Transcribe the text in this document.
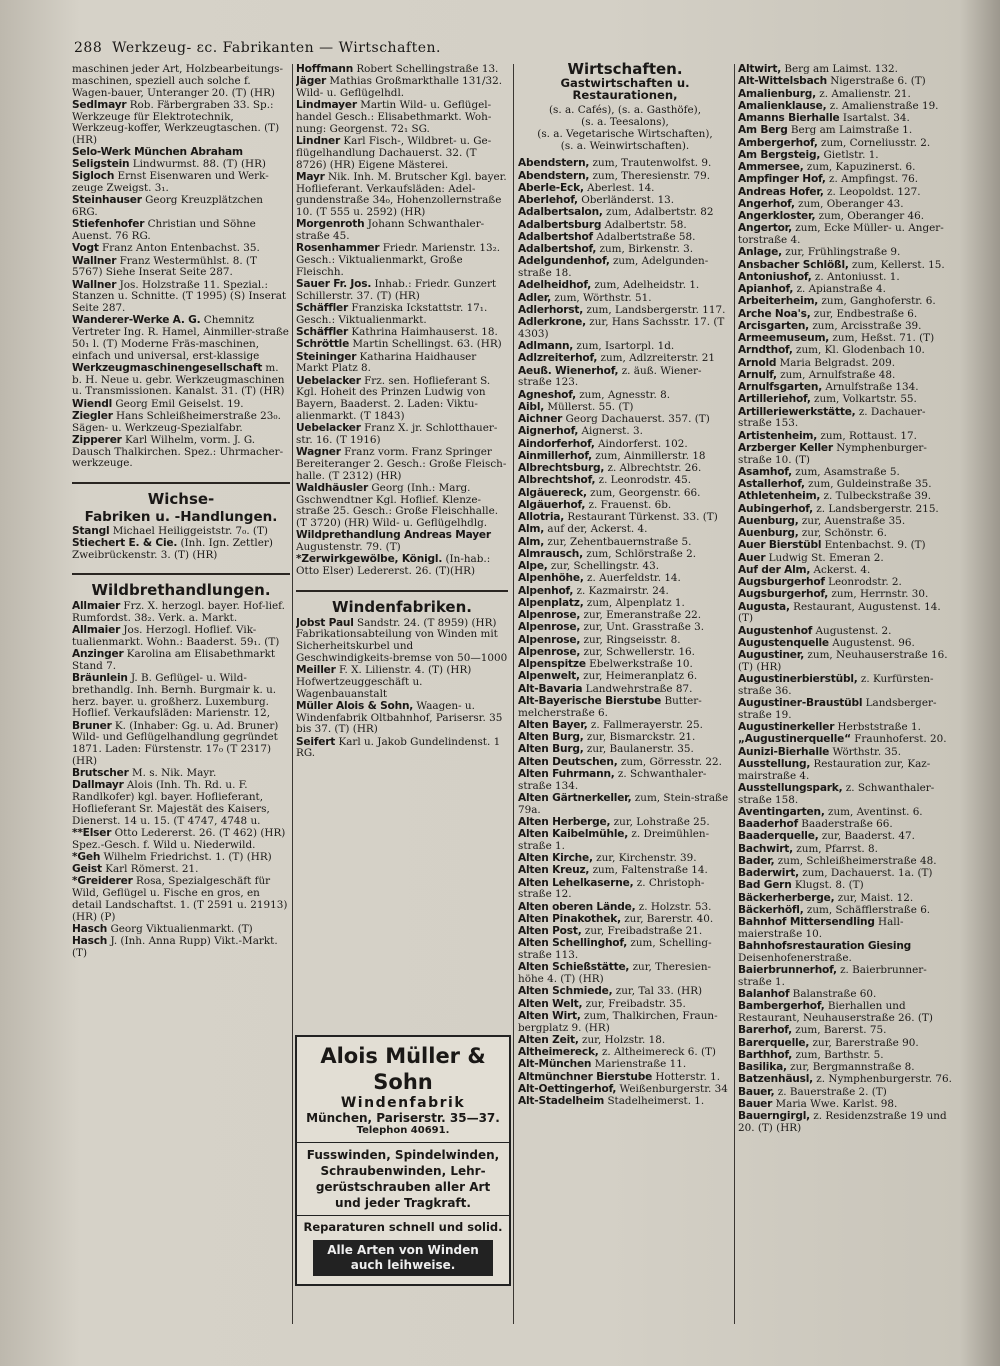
288 Werkzeug- ɛc. Fabrikanten — Wirtschaften.
maschinen jeder Art, Holzbearbeitungs-maschinen, speziell auch solche f. Wagen-bauer, Unteranger 20. (T) (HR)
Sedlmayr Rob. Färbergraben 33. Sp.: Werkzeuge für Elektrotechnik, Werkzeug-koffer, Werkzeugtaschen. (T) (HR)
Selo-Werk München Abraham Seligstein Lindwurmst. 88. (T) (HR)
Sigloch Ernst Eisenwaren und Werk-zeuge Zweigst. 3₁.
Steinhauser Georg Kreuzplätzchen 6RG.
Stiefenhofer Christian und Söhne Auenst. 76 RG.
Vogt Franz Anton Entenbachst. 35.
Wallner Franz Westermühlst. 8. (T 5767) Siehe Inserat Seite 287.
Wallner Jos. Holzstraße 11. Spezial.: Stanzen u. Schnitte. (T 1995) (S) Inserat Seite 287.
Wanderer-Werke A. G. Chemnitz Vertreter Ing. R. Hamel, Ainmiller-straße 50₁ l. (T) Moderne Fräs-maschinen, einfach und universal, erst-klassige
Werkzeugmaschinengesellschaft m. b. H. Neue u. gebr. Werkzeugmaschinen u. Transmissionen. Kanalst. 31. (T) (HR)
Wiendl Georg Emil Geiselst. 19.
Ziegler Hans Schleißheimerstraße 23₀. Sägen- u. Werkzeug-Spezialfabr.
Zipperer Karl Wilhelm, vorm. J. G. Dausch Thalkirchen. Spez.: Uhrmacher-werkzeuge.
Wichse-
Fabriken u. -Handlungen.
Stangl Michael Heiliggeiststr. 7₀. (T)
Stiechert E. & Cie. (Inh. Ign. Zettler) Zweibrückenstr. 3. (T) (HR)
Wildbrethandlungen.
Allmaier Frz. X. herzogl. bayer. Hof-lief. Rumfordst. 38₂. Verk. a. Markt.
Allmaier Jos. Herzogl. Hoflief. Vik-tualienmarkt. Wohn.: Baaderst. 59₁. (T)
Anzinger Karolina am Elisabethmarkt Stand 7.
Bräunlein J. B. Geflügel- u. Wild-brethandlg. Inh. Bernh. Burgmair k. u. herz. bayer. u. großherz. Luxemburg. Hoflief. Verkaufsläden: Marienstr. 12,
Bruner K. (Inhaber: Gg. u. Ad. Bruner) Wild- und Geflügelhandlung gegründet 1871. Laden: Fürstenstr. 17₀ (T 2317) (HR)
Brutscher M. s. Nik. Mayr.
Dallmayr Alois (Inh. Th. Rd. u. F. Randlkofer) kgl. bayer. Hoflieferant, Hoflieferant Sr. Majestät des Kaisers, Dienerst. 14 u. 15. (T 4747, 4748 u.
**Elser Otto Ledererst. 26. (T 462) (HR) Spez.-Gesch. f. Wild u. Niederwild.
*Geh Wilhelm Friedrichst. 1. (T) (HR)
Geist Karl Römerst. 21.
*Greiderer Rosa, Spezialgeschäft für Wild, Geflügel u. Fische en gros, en detail Landschaftst. 1. (T 2591 u. 21913) (HR) (P)
Hasch Georg Viktualienmarkt. (T)
Hasch J. (Inh. Anna Rupp) Vikt.-Markt. (T)
Hoffmann Robert Schellingstraße 13.
Jäger Mathias Großmarkthalle 131/32. Wild- u. Geflügelhdl.
Lindmayer Martin Wild- u. Geflügel-handel Gesch.: Elisabethmarkt. Woh-nung: Georgenst. 72₁ SG.
Lindner Karl Fisch-, Wildbret- u. Ge-flügelhandlung Dachauerst. 32. (T 8726) (HR) Eigene Mästerei.
Mayr Nik. Inh. M. Brutscher Kgl. bayer. Hoflieferant. Verkaufsläden: Adel-gundenstraße 34₀, Hohenzollernstraße 10. (T 555 u. 2592) (HR)
Morgenroth Johann Schwanthaler-straße 45.
Rosenhammer Friedr. Marienstr. 13₂. Gesch.: Viktualienmarkt, Große Fleischh.
Sauer Fr. Jos. Inhab.: Friedr. Gunzert Schillerstr. 37. (T) (HR)
Schäffler Franziska Ickstattstr. 17₁. Gesch.: Viktualienmarkt.
Schäffler Kathrina Haimhauserst. 18.
Schröttle Martin Schellingst. 63. (HR)
Steininger Katharina Haidhauser Markt Platz 8.
Uebelacker Frz. sen. Hoflieferant S. Kgl. Hoheit des Prinzen Ludwig von Bayern, Baaderst. 2. Laden: Viktu-alienmarkt. (T 1843)
Uebelacker Franz X. jr. Schlotthauer-str. 16. (T 1916)
Wagner Franz vorm. Franz Springer Bereiteranger 2. Gesch.: Große Fleisch-halle. (T 2312) (HR)
Waldhäusler Georg (Inh.: Marg. Gschwendtner Kgl. Hoflief. Klenze-straße 25. Gesch.: Große Fleischhalle. (T 3720) (HR) Wild- u. Geflügelhdlg.
Wildprethandlung Andreas Mayer Augustenstr. 79. (T)
*Zerwirkgewölbe, Königl. (In-hab.: Otto Elser) Ledererst. 26. (T)(HR)
Windenfabriken.
Jobst Paul Sandstr. 24. (T 8959) (HR) Fabrikationsabteilung von Winden mit Sicherheitskurbel und Geschwindigkeits-bremse von 50—1000
Meiller F. X. Lilienstr. 4. (T) (HR) Hofwertzeuggeschäft u. Wagenbauanstalt
Müller Alois & Sohn, Waagen- u. Windenfabrik Oltbahnhof, Parisersr. 35 bis 37. (T) (HR)
Seifert Karl u. Jakob Gundelindenst. 1 RG.
Alois Müller & Sohn
Windenfabrik
München, Pariserstr. 35—37.
Telephon 40691.
Fusswinden, Spindelwinden,
Schraubenwinden, Lehr-
gerüstschrauben aller Art
und jeder Tragkraft.
Reparaturen schnell und solid.
Alle Arten von Winden
auch leihweise.
Wirtschaften.
Gastwirtschaften u. Restaurationen,
(s. a. Cafés), (s. a. Gasthöfe),
(s. a. Teesalons),
(s. a. Vegetarische Wirtschaften),
(s. a. Weinwirtschaften).
Abendstern, zum, Trautenwolfst. 9.
Abendstern, zum, Theresienstr. 79.
Aberle-Eck, Aberlest. 14.
Aberlehof, Oberländerst. 13.
Adalbertsalon, zum, Adalbertstr. 82
Adalbertsburg Adalbertstr. 58.
Adalbertshof Adalbertstraße 58.
Adalbertshof, zum, Birkenstr. 3.
Adelgundenhof, zum, Adelgunden-straße 18.
Adelheidhof, zum, Adelheidstr. 1.
Adler, zum, Wörthstr. 51.
Adlerhorst, zum, Landsbergerstr. 117.
Adlerkrone, zur, Hans Sachsstr. 17. (T 4303)
Adlmann, zum, Isartorpl. 1d.
Adlzreiterhof, zum, Adlzreiterstr. 21
Aeuß. Wienerhof, z. äuß. Wiener-straße 123.
Agneshof, zum, Agnesstr. 8.
Aibl, Müllerst. 55. (T)
Aichner Georg Dachauerst. 357. (T)
Aignerhof, Aignerst. 3.
Aindorferhof, Aindorferst. 102.
Ainmillerhof, zum, Ainmillerstr. 18
Albrechtsburg, z. Albrechtstr. 26.
Albrechtshof, z. Leonrodstr. 45.
Algäuereck, zum, Georgenstr. 66.
Algäuerhof, z. Frauenst. 6b.
Allotria, Restaurant Türkenst. 33. (T)
Alm, auf der, Ackerst. 4.
Alm, zur, Zehentbauernstraße 5.
Almrausch, zum, Schlörstraße 2.
Alpe, zur, Schellingstr. 43.
Alpenhöhe, z. Auerfeldstr. 14.
Alpenhof, z. Kazmairstr. 24.
Alpenplatz, zum, Alpenplatz 1.
Alpenrose, zur, Emeranstraße 22.
Alpenrose, zur, Unt. Grasstraße 3.
Alpenrose, zur, Ringseisstr. 8.
Alpenrose, zur, Schwellerstr. 16.
Alpenspitze Ebelwerkstraße 10.
Alpenwelt, zur, Heimeranplatz 6.
Alt-Bavaria Landwehrstraße 87.
Alt-Bayerische Bierstube Butter-melcherstraße 6.
Alten Bayer, z. Fallmerayerstr. 25.
Alten Burg, zur, Bismarckstr. 21.
Alten Burg, zur, Baulanerstr. 35.
Alten Deutschen, zum, Görresstr. 22.
Alten Fuhrmann, z. Schwanthaler-straße 134.
Alten Gärtnerkeller, zum, Stein-straße 79a.
Alten Herberge, zur, Lohstraße 25.
Alten Kaibelmühle, z. Dreimühlen-straße 1.
Alten Kirche, zur, Kirchenstr. 39.
Alten Kreuz, zum, Faltenstraße 14.
Alten Lehelkaserne, z. Christoph-straße 12.
Alten oberen Lände, z. Holzstr. 53.
Alten Pinakothek, zur, Barerstr. 40.
Alten Post, zur, Freibadstraße 21.
Alten Schellinghof, zum, Schelling-straße 113.
Alten Schießstätte, zur, Theresien-höhe 4. (T) (HR)
Alten Schmiede, zur, Tal 33. (HR)
Alten Welt, zur, Freibadstr. 35.
Alten Wirt, zum, Thalkirchen, Fraun-bergplatz 9. (HR)
Alten Zeit, zur, Holzstr. 18.
Altheimereck, z. Altheimereck 6. (T)
Alt-München Marienstraße 11.
Altmünchner Bierstube Hotterstr. 1.
Alt-Oettingerhof, Weißenburgerstr. 34
Alt-Stadelheim Stadelheimerst. 1.
Altwirt, Berg am Laimst. 132.
Alt-Wittelsbach Nigerstraße 6. (T)
Amalienburg, z. Amalienstr. 21.
Amalienklause, z. Amalienstraße 19.
Amanns Bierhalle Isartalst. 34.
Am Berg Berg am Laimstraße 1.
Ambergerhof, zum, Corneliusstr. 2.
Am Bergsteig, Gietlstr. 1.
Ammersee, zum, Kapuzinerst. 6.
Ampfinger Hof, z. Ampfingst. 76.
Andreas Hofer, z. Leopoldst. 127.
Angerhof, zum, Oberanger 43.
Angerkloster, zum, Oberanger 46.
Angertor, zum, Ecke Müller- u. Anger-torstraße 4.
Anlage, zur, Frühlingstraße 9.
Ansbacher Schlößl, zum, Kellerst. 15.
Antoniushof, z. Antoniusst. 1.
Apianhof, z. Apianstraße 4.
Arbeiterheim, zum, Ganghoferstr. 6.
Arche Noa's, zur, Endbestraße 6.
Arcisgarten, zum, Arcisstraße 39.
Armeemuseum, zum, Heßst. 71. (T)
Arndthof, zum, Kl. Glodenbach 10.
Arnold Maria Belgradst. 209.
Arnulf, zum, Arnulfstraße 48.
Arnulfsgarten, Arnulfstraße 134.
Artilleriehof, zum, Volkartstr. 55.
Artilleriewerkstätte, z. Dachauer-straße 153.
Artistenheim, zum, Rottaust. 17.
Arzberger Keller Nymphenburger-straße 10. (T)
Asamhof, zum, Asamstraße 5.
Astallerhof, zum, Guldeinstraße 35.
Athletenheim, z. Tulbeckstraße 39.
Aubingerhof, z. Landsbergerstr. 215.
Auenburg, zur, Auenstraße 35.
Auenburg, zur, Schönstr. 6.
Auer Bierstübl Entenbachst. 9. (T)
Auer Ludwig St. Emeran 2.
Auf der Alm, Ackerst. 4.
Augsburgerhof Leonrodstr. 2.
Augsburgerhof, zum, Herrnstr. 30.
Augusta, Restaurant, Augustenst. 14. (T)
Augustenhof Augustenst. 2.
Augustenquelle Augustenst. 96.
Augustiner, zum, Neuhauserstraße 16. (T) (HR)
Augustinerbierstübl, z. Kurfürsten-straße 36.
Augustiner-Braustübl Landsberger-straße 19.
Augustinerkeller Herbststraße 1.
„Augustinerquelle“ Fraunhoferst. 20.
Aunizi-Bierhalle Wörthstr. 35.
Ausstellung, Restauration zur, Kaz-mairstraße 4.
Ausstellungspark, z. Schwanthaler-straße 158.
Aventingarten, zum, Aventinst. 6.
Baaderhof Baaderstraße 66.
Baaderquelle, zur, Baaderst. 47.
Bachwirt, zum, Pfarrst. 8.
Bader, zum, Schleißheimerstraße 48.
Baderwirt, zum, Dachauerst. 1a. (T)
Bad Gern Klugst. 8. (T)
Bäckerherberge, zur, Maist. 12.
Bäckerhöfl, zum, Schäfflerstraße 6.
Bahnhof Mittersendling Hall-maierstraße 10.
Bahnhofsrestauration Giesing Deisenhofenerstraße.
Baierbrunnerhof, z. Baierbrunner-straße 1.
Balanhof Balanstraße 60.
Bambergerhof, Bierhallen und Restaurant, Neuhauserstraße 26. (T)
Barerhof, zum, Barerst. 75.
Barerquelle, zur, Barerstraße 90.
Barthhof, zum, Barthstr. 5.
Basilika, zur, Bergmannstraße 8.
Batzenhäusl, z. Nymphenburgerstr. 76.
Bauer, z. Bauerstraße 2. (T)
Bauer Maria Wwe. Karlst. 98.
Bauerngirgl, z. Residenzstraße 19 und 20. (T) (HR)
